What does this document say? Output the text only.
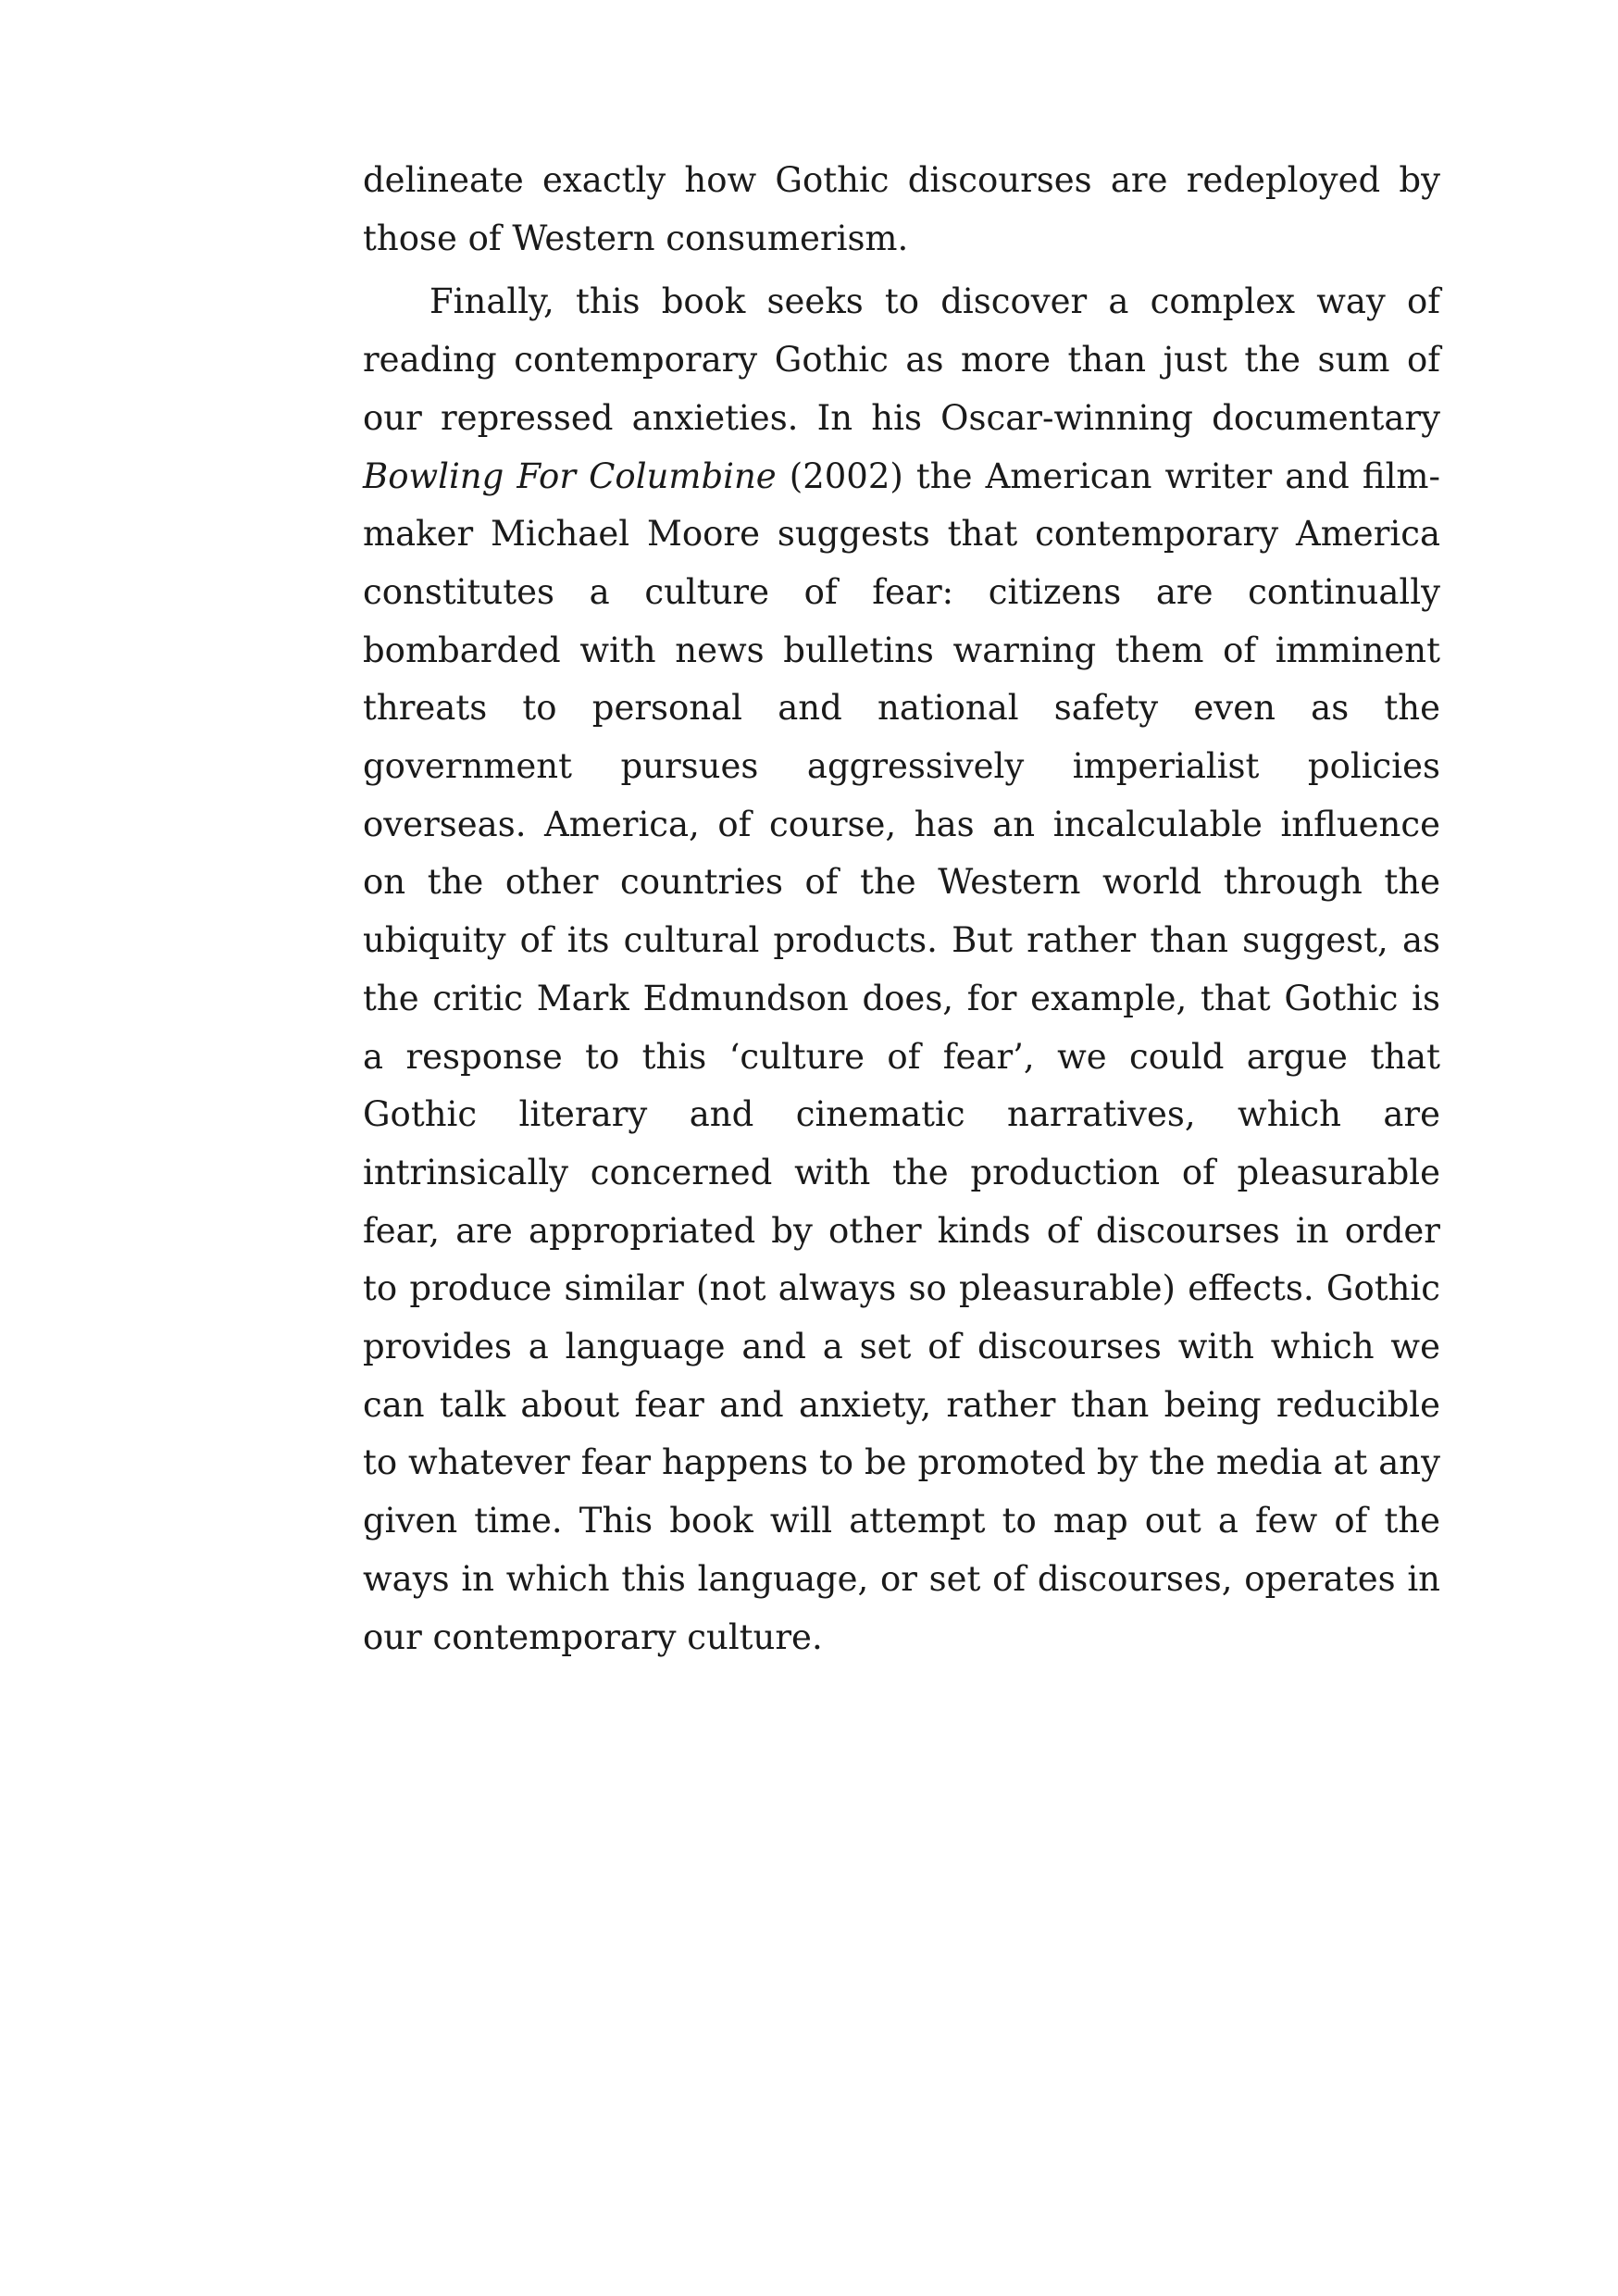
delineate exactly how Gothic discourses are redeployed by those of Western consumerism.

Finally, this book seeks to discover a complex way of reading contemporary Gothic as more than just the sum of our repressed anxieties. In his Oscar-winning documentary Bowling For Columbine (2002) the American writer and film-maker Michael Moore suggests that contemporary America constitutes a culture of fear: citizens are continually bombarded with news bulletins warning them of imminent threats to personal and national safety even as the government pursues aggressively imperialist policies overseas. America, of course, has an incalculable influence on the other countries of the Western world through the ubiquity of its cultural products. But rather than suggest, as the critic Mark Edmundson does, for example, that Gothic is a response to this ‘culture of fear’, we could argue that Gothic literary and cinematic narratives, which are intrinsically concerned with the production of pleasurable fear, are appropriated by other kinds of discourses in order to produce similar (not always so pleasurable) effects. Gothic provides a language and a set of discourses with which we can talk about fear and anxiety, rather than being reducible to whatever fear happens to be promoted by the media at any given time. This book will attempt to map out a few of the ways in which this language, or set of discourses, operates in our contemporary culture.
